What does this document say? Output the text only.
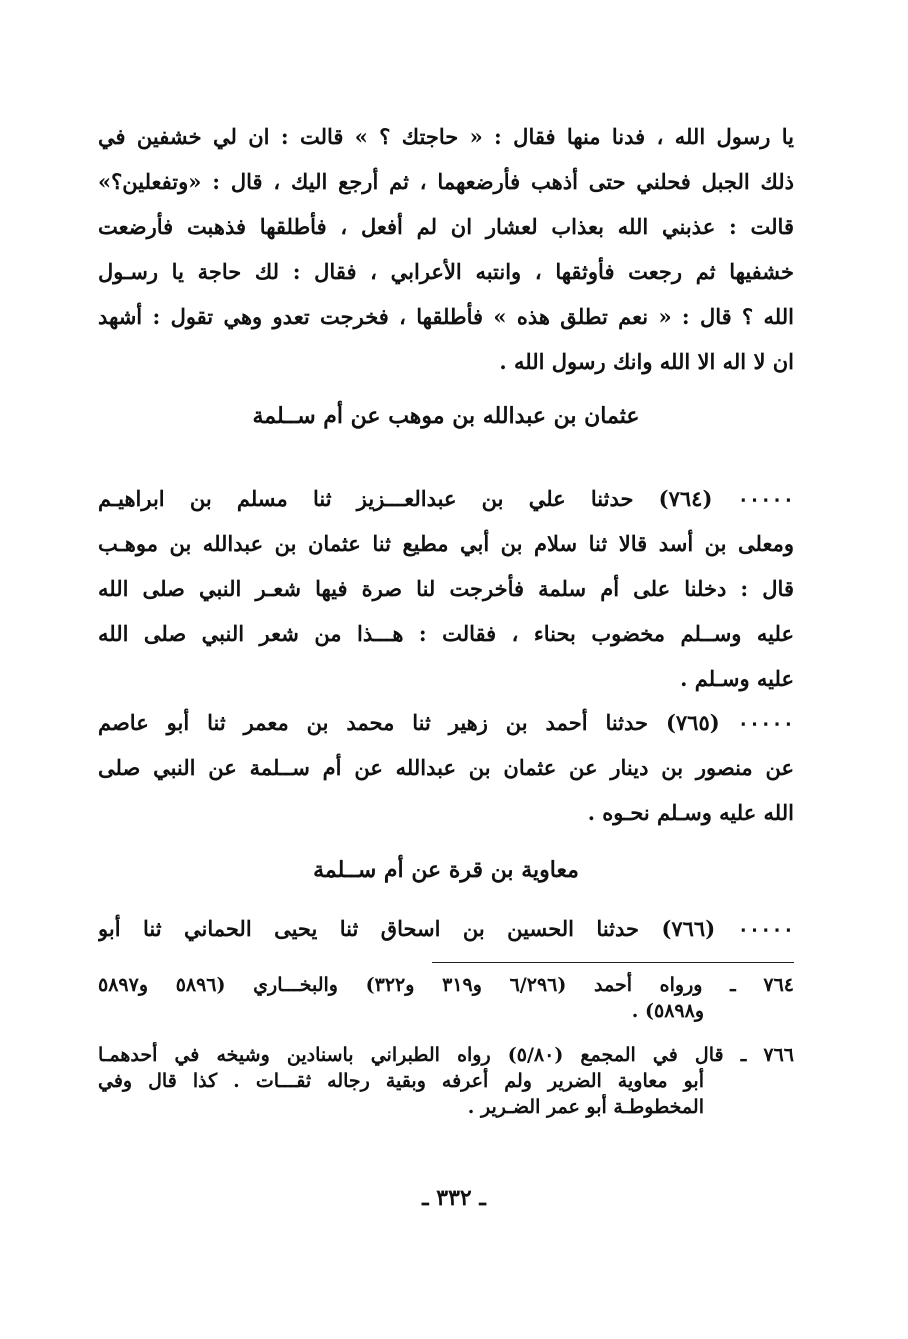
يا رسول الله ، فدنا منها فقال : « حاجتك ؟ » قالت : ان لي خشفين في
ذلك الجبل فحلني حتى أذهب فأرضعهما ، ثم أرجع اليك ، قال : «وتفعلين؟»
قالت : عذبني الله بعذاب لعشار ان لم أفعل ، فأطلقها فذهبت فأرضعت
خشفيها ثم رجعت فأوثقها ، وانتبه الأعرابي ، فقال : لك حاجة يا رسـول
الله ؟ قال : « نعم تطلق هذه » فأطلقها ، فخرجت تعدو وهي تقول : أشهد
ان لا اله الا الله وانك رسول الله .
عثمان بن عبدالله بن موهب عن أم ســلمة
٠٠٠٠٠ (٧٦٤) حدثنا علي بن عبدالعـــزيز ثنا مسلم بن ابراهيـم
ومعلى بن أسد قالا ثنا سلام بن أبي مطيع ثنا عثمان بن عبدالله بن موهـب
قال : دخلنا على أم سلمة فأخرجت لنا صرة فيها شعـر النبي صلى الله
عليه وســلم مخضوب بحناء ، فقالت : هـــذا من شعر النبي صلى الله
عليه وسـلم .
٠٠٠٠٠ (٧٦٥) حدثنا أحمد بن زهير ثنا محمد بن معمر ثنا أبو عاصم
عن منصور بن دينار عن عثمان بن عبدالله عن أم ســلمة عن النبي صلى
الله عليه وسـلم نحـوه .
معاوية بن قرة عن أم ســلمة
٠٠٠٠٠ (٧٦٦) حدثنا الحسين بن اسحاق ثنا يحيى الحماني ثنا أبو
٧٦٤ ـ ورواه أحمد (٦/٢٩٦ و٣١٩ و٣٢٢) والبخـــاري (٥٨٩٦ و٥٨٩٧
و٥٨٩٨) .
٧٦٦ ـ قال في المجمع (٥/٨٠) رواه الطبراني باسنادين وشيخه في أحدهمـا
أبو معاوية الضرير ولم أعرفه وبقية رجاله ثقـــات . كذا قال وفي
المخطوطـة أبو عمر الضـرير .
ـ ٣٣٢ ـ
